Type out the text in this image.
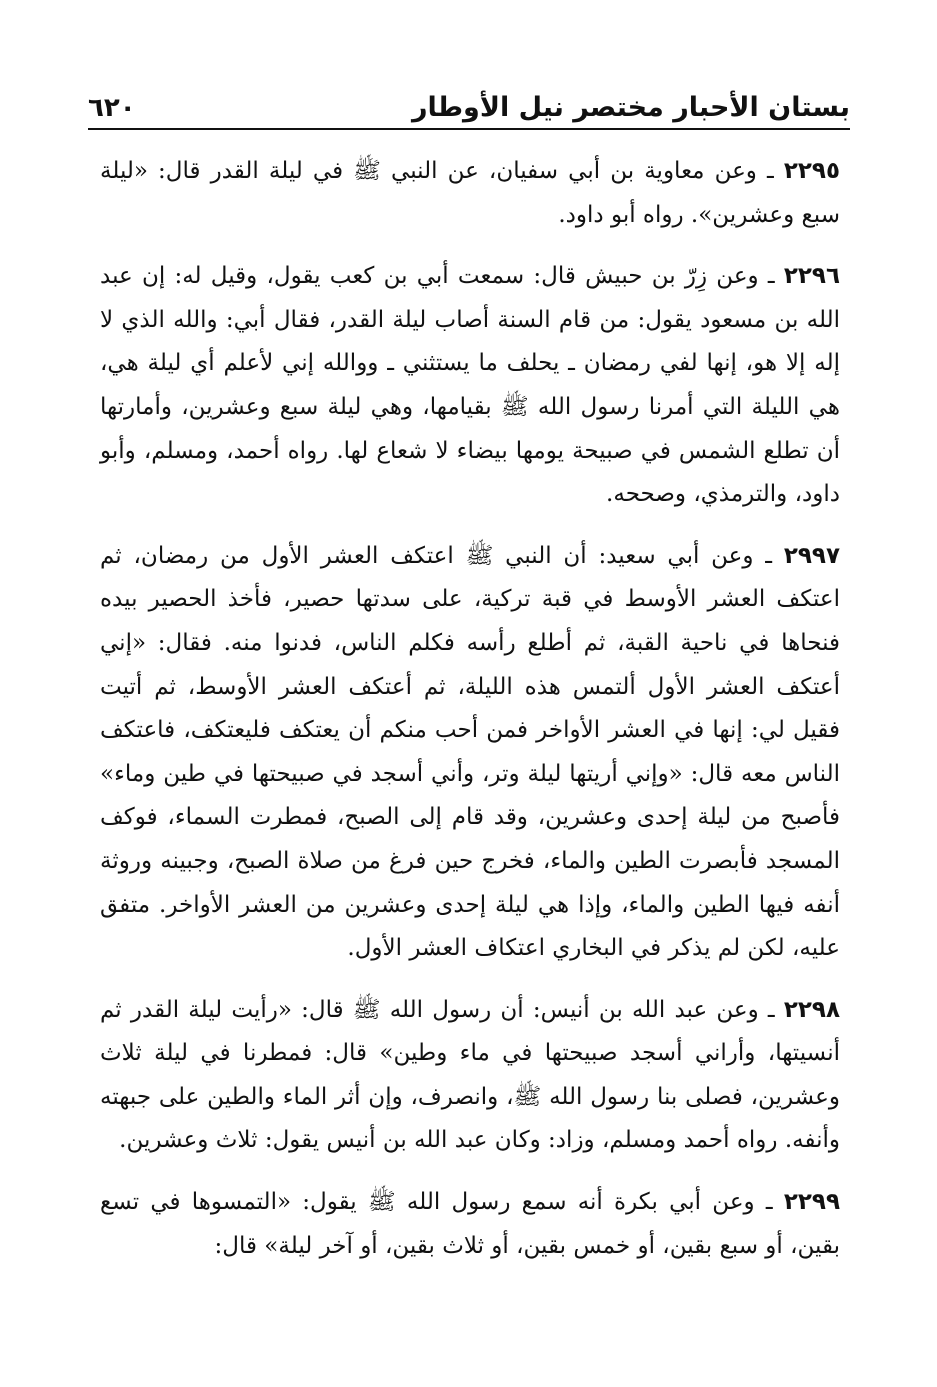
بستان الأحبار مختصر نيل الأوطار
٦٢٠

٢٢٩٥ ـ وعن معاوية بن أبي سفيان، عن النبي ﷺ في ليلة القدر قال: «ليلة سبع وعشرين». رواه أبو داود.

٢٢٩٦ ـ وعن زِرّ بن حبيش قال: سمعت أبي بن كعب يقول، وقيل له: إن عبد الله بن مسعود يقول: من قام السنة أصاب ليلة القدر، فقال أبي: والله الذي لا إله إلا هو، إنها لفي رمضان ـ يحلف ما يستثني ـ ووالله إني لأعلم أي ليلة هي، هي الليلة التي أمرنا رسول الله ﷺ بقيامها، وهي ليلة سبع وعشرين، وأمارتها أن تطلع الشمس في صبيحة يومها بيضاء لا شعاع لها. رواه أحمد، ومسلم، وأبو داود، والترمذي، وصححه.

٢٩٩٧ ـ وعن أبي سعيد: أن النبي ﷺ اعتكف العشر الأول من رمضان، ثم اعتكف العشر الأوسط في قبة تركية، على سدتها حصير، فأخذ الحصير بيده فنحاها في ناحية القبة، ثم أطلع رأسه فكلم الناس، فدنوا منه. فقال: «إني أعتكف العشر الأول ألتمس هذه الليلة، ثم أعتكف العشر الأوسط، ثم أتيت فقيل لي: إنها في العشر الأواخر فمن أحب منكم أن يعتكف فليعتكف، فاعتكف الناس معه قال: «وإني أريتها ليلة وتر، وأني أسجد في صبيحتها في طين وماء» فأصبح من ليلة إحدى وعشرين، وقد قام إلى الصبح، فمطرت السماء، فوكف المسجد فأبصرت الطين والماء، فخرج حين فرغ من صلاة الصبح، وجبينه وروثة أنفه فيها الطين والماء، وإذا هي ليلة إحدى وعشرين من العشر الأواخر. متفق عليه، لكن لم يذكر في البخاري اعتكاف العشر الأول.

٢٢٩٨ ـ وعن عبد الله بن أنيس: أن رسول الله ﷺ قال: «رأيت ليلة القدر ثم أنسيتها، وأراني أسجد صبيحتها في ماء وطين» قال: فمطرنا في ليلة ثلاث وعشرين، فصلى بنا رسول الله ﷺ، وانصرف، وإن أثر الماء والطين على جبهته وأنفه. رواه أحمد ومسلم، وزاد: وكان عبد الله بن أنيس يقول: ثلاث وعشرين.

٢٢٩٩ ـ وعن أبي بكرة أنه سمع رسول الله ﷺ يقول: «التمسوها في تسع بقين، أو سبع بقين، أو خمس بقين، أو ثلاث بقين، أو آخر ليلة» قال:
